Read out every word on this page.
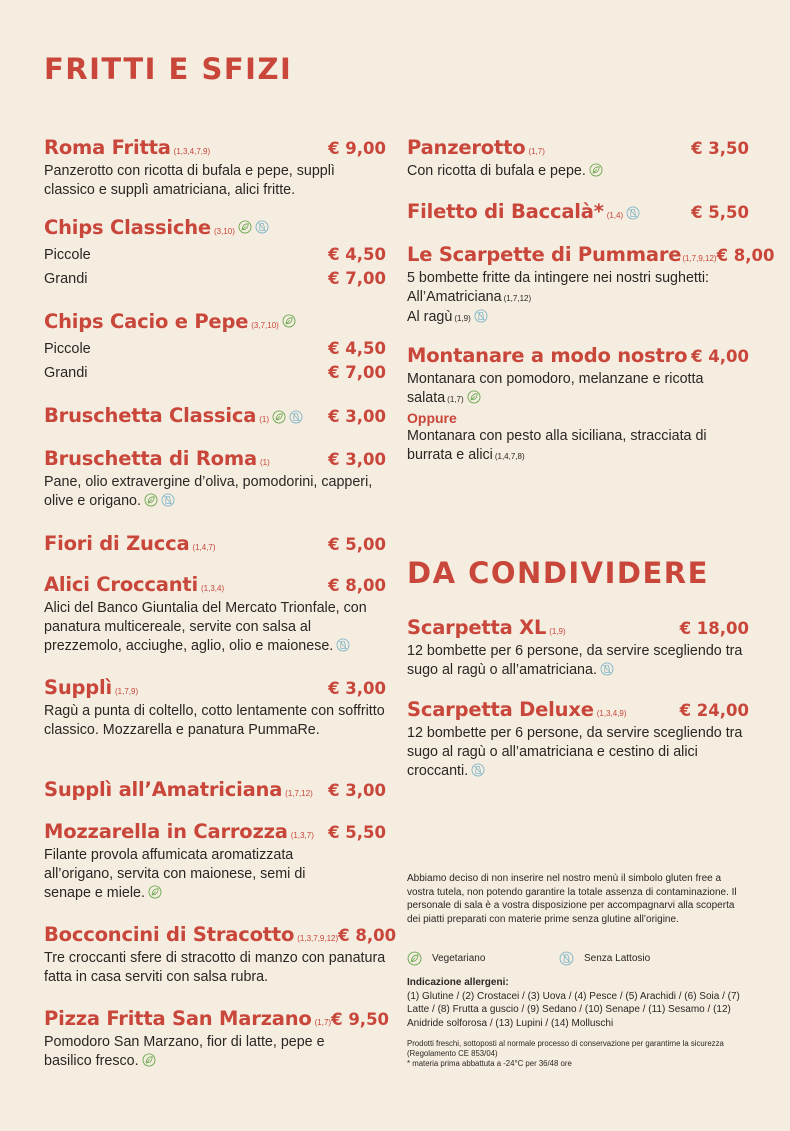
FRITTI E SFIZI
DA CONDIVIDERE
Roma Fritta (1,3,4,7,9)	€ 9,00
Panzerotto con ricotta di bufala e pepe, supplì classico e supplì amatriciana, alici fritte.
Chips Classiche (3,10)
Piccole	€ 4,50
Grandi	€ 7,00
Chips Cacio e Pepe (3,7,10)
Piccole	€ 4,50
Grandi	€ 7,00
Bruschetta Classica (1)	€ 3,00
Bruschetta di Roma (1)	€ 3,00
Pane, olio extravergine d’oliva, pomodorini, capperi, olive e origano.
Fiori di Zucca (1,4,7)	€ 5,00
Alici Croccanti (1,3,4)	€ 8,00
Alici del Banco Giuntalia del Mercato Trionfale, con panatura multicereale, servite con salsa al prezzemolo, acciughe, aglio, olio e maionese.
Supplì (1,7,9)	€ 3,00
Ragù a punta di coltello, cotto lentamente con soffritto classico. Mozzarella e panatura PummaRe.
Supplì all’Amatriciana (1,7,12) € 3,00
Mozzarella in Carrozza (1,3,7) € 5,50
Filante provola affumicata aromatizzata all’origano, servita con maionese, semi di senape e miele.
Bocconcini di Stracotto (1,3,7,9,12) € 8,00
Tre croccanti sfere di stracotto di manzo con panatura fatta in casa serviti con salsa rubra.
Pizza Fritta San Marzano (1,7) € 9,50
Pomodoro San Marzano, fior di latte, pepe e basilico fresco.
Panzerotto (1,7)	€ 3,50
Con ricotta di bufala e pepe.
Filetto di Baccalà* (1,4)	€ 5,50
Le Scarpette di Pummare(1,7,9,12) € 8,00
5 bombette fritte da intingere nei nostri sughetti:
All’Amatriciana (1,7,12)
Al ragù (1,9)
Montanare a modo nostro € 4,00
Montanara con pomodoro, melanzane e ricotta salata (1,7)
Oppure
Montanara con pesto alla siciliana, stracciata di burrata e alici (1,4,7,8)
Scarpetta XL (1,9)	€ 18,00
12 bombette per 6 persone, da servire scegliendo tra sugo al ragù o all’amatriciana.
Scarpetta Deluxe (1,3,4,9)	€ 24,00
12 bombette per 6 persone, da servire scegliendo tra sugo al ragù o all’amatriciana e cestino di alici croccanti.
Abbiamo deciso di non inserire nel nostro menù il simbolo gluten free a vostra tutela, non potendo garantire la totale assenza di contaminazione. Il personale di sala è a vostra disposizione per accompagnarvi alla scoperta dei piatti preparati con materie prime senza glutine all’origine.
Vegetariano	Senza Lattosio
Indicazione allergeni:
(1) Glutine / (2) Crostacei / (3) Uova / (4) Pesce / (5) Arachidi / (6) Soia / (7) Latte / (8) Frutta a guscio / (9) Sedano / (10) Senape / (11) Sesamo / (12) Anidride solforosa / (13) Lupini / (14) Molluschi
Prodotti freschi, sottoposti al normale processo di conservazione per garantirne la sicurezza (Regolamento CE 853/04)
* materia prima abbattuta a -24°C per 36/48 ore
